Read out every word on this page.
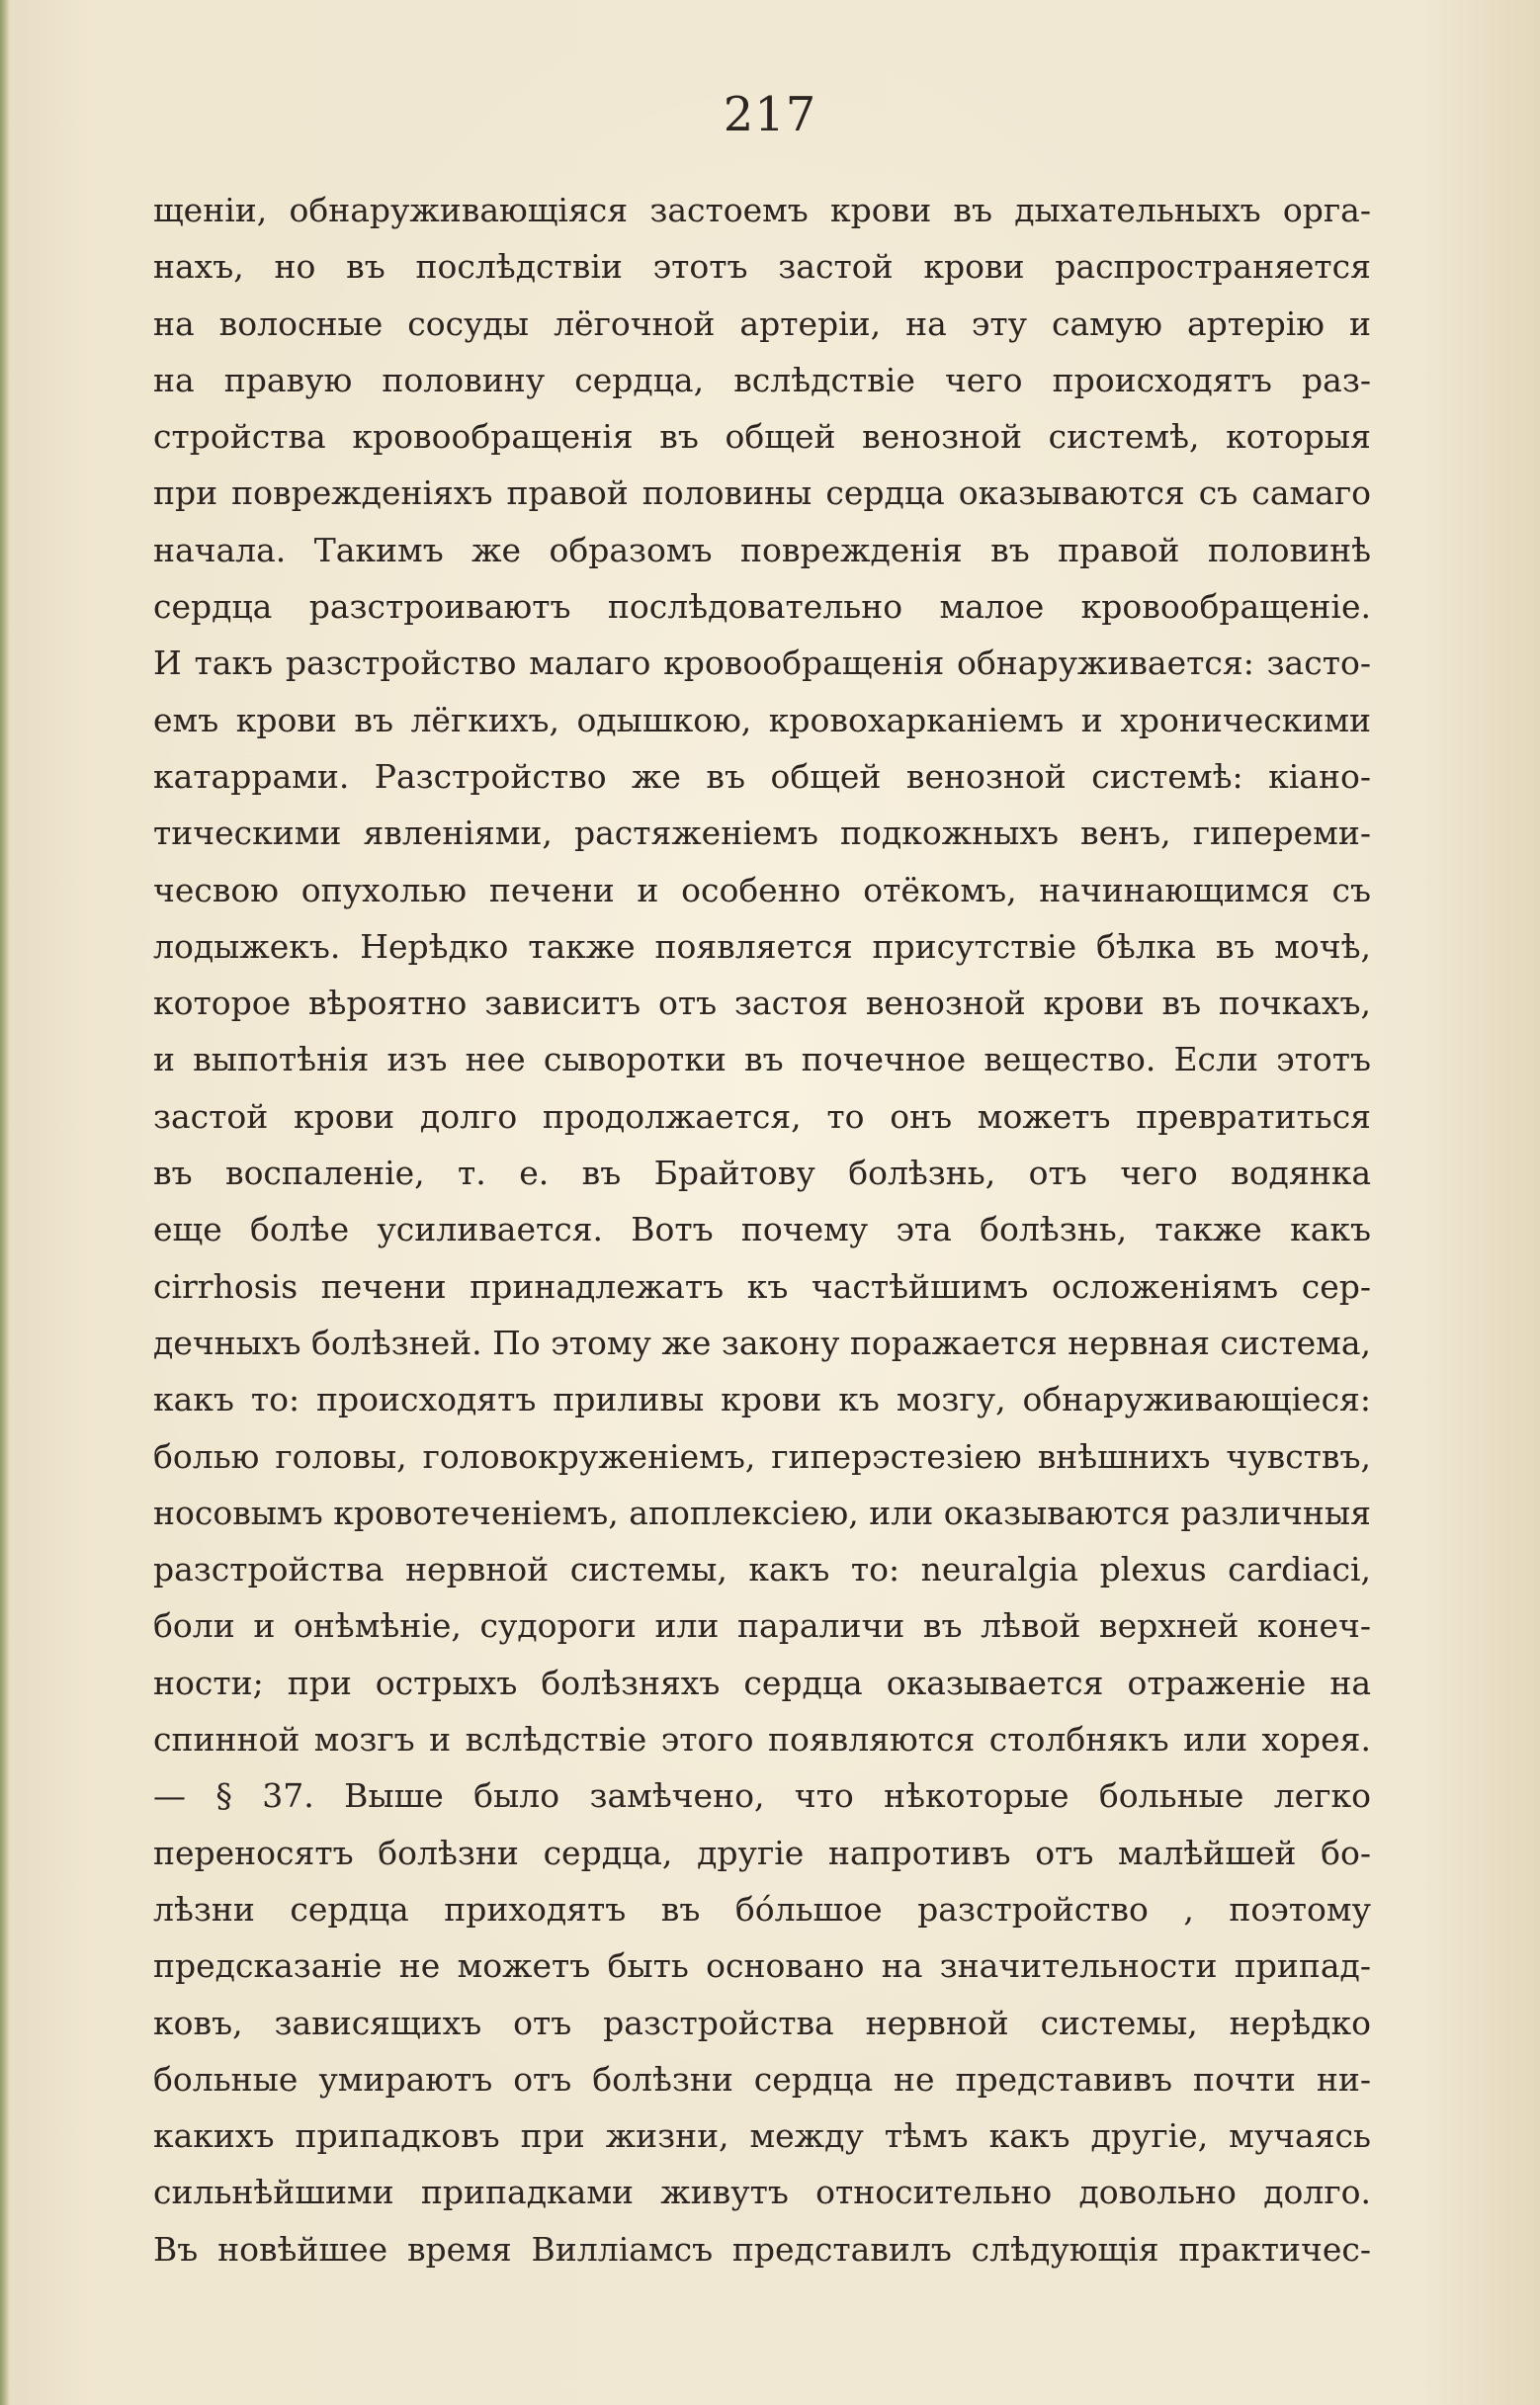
217
щеніи, обнаруживающіяся застоемъ крови въ дыхательныхъ орга-
нахъ, но въ послѣдствіи этотъ застой крови распространяется
на волосные сосуды лёгочной артеріи, на эту самую артерію и
на правую половину сердца, вслѣдствіе чего происходятъ раз-
стройства кровообращенія въ общей венозной системѣ, которыя
при поврежденіяхъ правой половины сердца оказываются съ самаго
начала. Такимъ же образомъ поврежденія въ правой половинѣ
сердца разстроиваютъ послѣдовательно малое кровообращеніе.
И такъ разстройство малаго кровообращенія обнаруживается: засто-
емъ крови въ лёгкихъ, одышкою, кровохарканіемъ и хроническими
катаррами. Разстройство же въ общей венозной системѣ: кіано-
тическими явленіями, растяженіемъ подкожныхъ венъ, гипереми-
чесвою опухолью печени и особенно отёкомъ, начинающимся съ
лодыжекъ. Нерѣдко также появляется присутствіе бѣлка въ мочѣ,
которое вѣроятно зависитъ отъ застоя венозной крови въ почкахъ,
и выпотѣнія изъ нее сыворотки въ почечное вещество. Если этотъ
застой крови долго продолжается, то онъ можетъ превратиться
въ воспаленіе, т. е. въ Брайтову болѣзнь, отъ чего водянка
еще болѣе усиливается. Вотъ почему эта болѣзнь, также какъ
cirrhosis печени принадлежатъ къ частѣйшимъ осложеніямъ сер-
дечныхъ болѣзней. По этому же закону поражается нервная система,
какъ то: происходятъ приливы крови къ мозгу, обнаруживающіеся:
болью головы, головокруженіемъ, гиперэстезіею внѣшнихъ чувствъ,
носовымъ кровотеченіемъ, апоплексіею, или оказываются различныя
разстройства нервной системы, какъ то: neuralgia plexus cardiaci,
боли и онѣмѣніе, судороги или параличи въ лѣвой верхней конеч-
ности; при острыхъ болѣзняхъ сердца оказывается отраженіе на
спинной мозгъ и вслѣдствіе этого появляются столбнякъ или хорея.
— § 37. Выше было замѣчено, что нѣкоторые больные легко
переносятъ болѣзни сердца, другіе напротивъ отъ малѣйшей бо-
лѣзни сердца приходятъ въ бόльшое разстройство , поэтому
предсказаніе не можетъ быть основано на значительности припад-
ковъ, зависящихъ отъ разстройства нервной системы, нерѣдко
больные умираютъ отъ болѣзни сердца не представивъ почти ни-
какихъ припадковъ при жизни, между тѣмъ какъ другіе, мучаясь
сильнѣйшими припадками живутъ относительно довольно долго.
Въ новѣйшее время Вилліамсъ представилъ слѣдующія практичес-
